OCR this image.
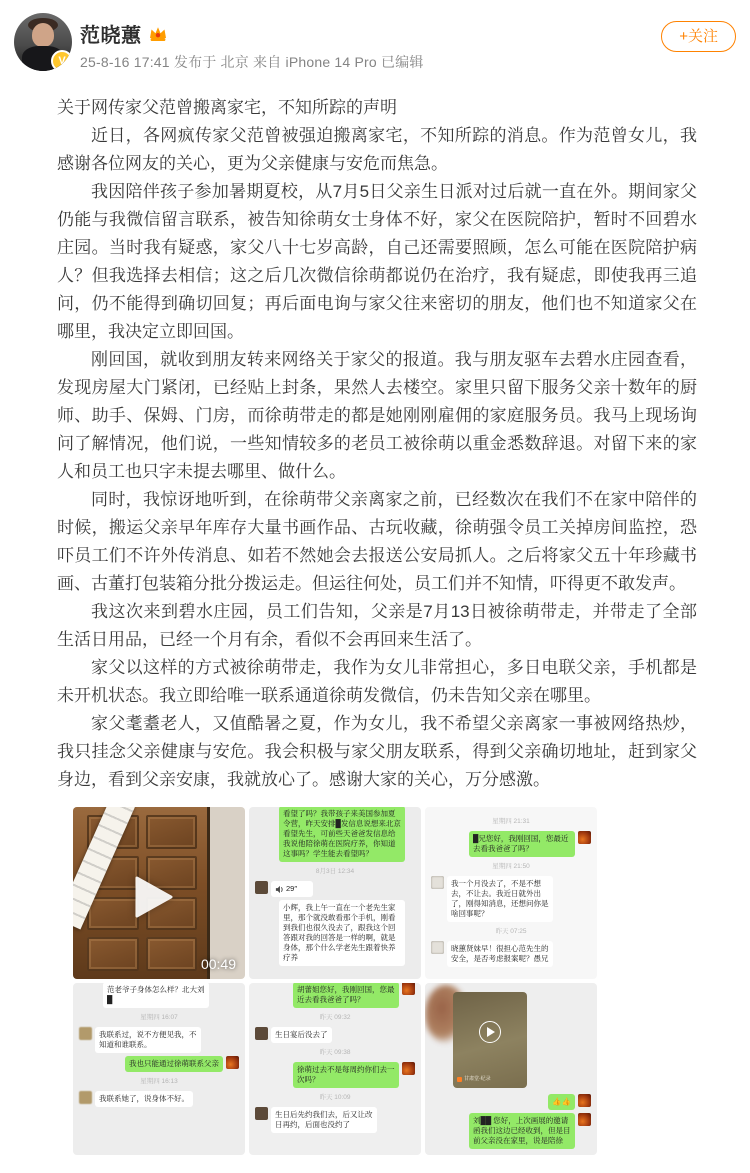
V
范晓蕙
25-8-16 17:41 发布于 北京 来自 iPhone 14 Pro 已编辑
+关注

关于网传家父范曾搬离家宅，不知所踪的声明

近日，各网疯传家父范曾被强迫搬离家宅，不知所踪的消息。作为范曾女儿，我感谢各位网友的关心，更为父亲健康与安危而焦急。

我因陪伴孩子参加暑期夏校，从7月5日父亲生日派对过后就一直在外。期间家父仍能与我微信留言联系，被告知徐萌女士身体不好，家父在医院陪护，暂时不回碧水庄园。当时我有疑惑，家父八十七岁高龄，自己还需要照顾，怎么可能在医院陪护病人？但我选择去相信；这之后几次微信徐萌都说仍在治疗，我有疑虑，即使我再三追问，仍不能得到确切回复；再后面电询与家父往来密切的朋友，他们也不知道家父在哪里，我决定立即回国。

刚回国，就收到朋友转来网络关于家父的报道。我与朋友驱车去碧水庄园查看，发现房屋大门紧闭，已经贴上封条，果然人去楼空。家里只留下服务父亲十数年的厨师、助手、保姆、门房，而徐萌带走的都是她刚刚雇佣的家庭服务员。我马上现场询问了解情况，他们说，一些知情较多的老员工被徐萌以重金悉数辞退。对留下来的家人和员工也只字未提去哪里、做什么。

同时，我惊讶地听到，在徐萌带父亲离家之前，已经数次在我们不在家中陪伴的时候，搬运父亲早年库存大量书画作品、古玩收藏，徐萌强令员工关掉房间监控，恐吓员工们不许外传消息、如若不然她会去报送公安局抓人。之后将家父五十年珍藏书画、古董打包装箱分批分拨运走。但运往何处，员工们并不知情，吓得更不敢发声。

我这次来到碧水庄园，员工们告知，父亲是7月13日被徐萌带走，并带走了全部生活日用品，已经一个月有余，看似不会再回来生活了。

家父以这样的方式被徐萌带走，我作为女儿非常担心，多日电联父亲，手机都是未开机状态。我立即给唯一联系通道徐萌发微信，仍未告知父亲在哪里。

家父耄耋老人，又值酷暑之夏，作为女儿，我不希望父亲离家一事被网络热炒，我只挂念父亲健康与安危。我会积极与家父朋友联系，得到父亲确切地址，赶到家父身边，看到父亲安康，我就放心了。感谢大家的关心，万分感激。

00:49
看望了吗？我带孩子来美国参加夏令营，昨天安排█发信息说想来北京看望先生，可前些天爸爸发信息给我说他陪徐萌在医院疗养，你知道这事吗？学生能去看望吗？
8月3日 12:34
29″
小辉，我上午一直在一个老先生家里，那个就没敢看那个手机，刚看到我们也很久没去了，跟我这个回答跟对我的回答是一样的啊，就是身体，那个什么学老先生跟着快养疗养
星期四 21:31
█兄您好，我刚回国，您最近去看我爸爸了吗？
星期四 21:50
我一个月没去了，不是不想去，不让去。我近日就外出了，刚得知消息，还想问你是啥回事呢？
昨天 07:25
晓蕙贤妹早！很担心范先生的安全，是否考虑报案呢？愚兄
范老爷子身体怎么样？北大刘█
星期四 16:07
我联系过，说不方便见我，不知道和谁联系。
我也只能通过徐萌联系父亲
星期四 16:13
我联系她了，说身体不好。
胡蕾姐您好，我刚回国，您最近去看我爸爸了吗？
昨天 09:32
生日宴后没去了
昨天 09:38
徐萌过去不是每周约你们去一次吗？
昨天 10:09
生日后先约我们去，后又让改日再约，后面也没约了
甘肃堂·纪录
👍👍
刘██ 您好，上次画展的邀请函我们这边已经收到，但是目前父亲没在家里，说是陪徐
